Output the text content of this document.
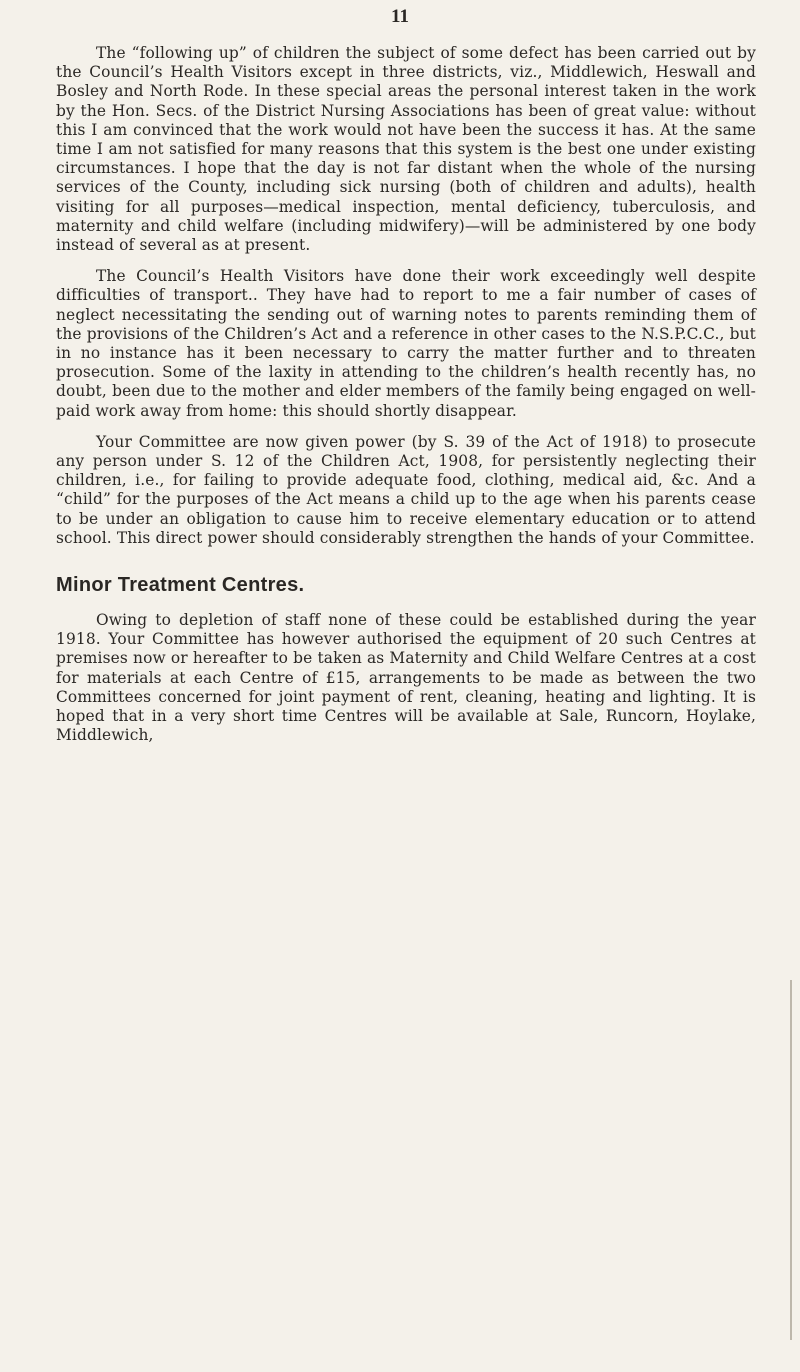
11

The “following up” of children the subject of some defect has been carried out by the Council’s Health Visitors except in three districts, viz., Middlewich, Heswall and Bosley and North Rode. In these special areas the personal interest taken in the work by the Hon. Secs. of the District Nursing Associations has been of great value: without this I am convinced that the work would not have been the success it has. At the same time I am not satisfied for many reasons that this system is the best one under existing circumstances. I hope that the day is not far distant when the whole of the nursing services of the County, including sick nursing (both of children and adults), health visiting for all purposes—medical inspection, mental deficiency, tuberculosis, and maternity and child welfare (including midwifery)—will be administered by one body instead of several as at present.

The Council’s Health Visitors have done their work exceedingly well despite difficulties of transport.. They have had to report to me a fair number of cases of neglect necessitating the sending out of warning notes to parents reminding them of the provisions of the Children’s Act and a reference in other cases to the N.S.P.C.C., but in no instance has it been necessary to carry the matter further and to threaten prosecution. Some of the laxity in attending to the children’s health recently has, no doubt, been due to the mother and elder members of the family being engaged on well-paid work away from home: this should shortly disappear.

Your Committee are now given power (by S. 39 of the Act of 1918) to prosecute any person under S. 12 of the Children Act, 1908, for persistently neglecting their children, i.e., for failing to provide adequate food, clothing, medical aid, &c. And a “child” for the purposes of the Act means a child up to the age when his parents cease to be under an obligation to cause him to receive elementary education or to attend school. This direct power should considerably strengthen the hands of your Committee.

Minor Treatment Centres.

Owing to depletion of staff none of these could be established during the year 1918. Your Committee has however authorised the equipment of 20 such Centres at premises now or hereafter to be taken as Maternity and Child Welfare Centres at a cost for materials at each Centre of £15, arrangements to be made as between the two Committees concerned for joint payment of rent, cleaning, heating and lighting. It is hoped that in a very short time Centres will be available at Sale, Runcorn, Hoylake, Middlewich,
